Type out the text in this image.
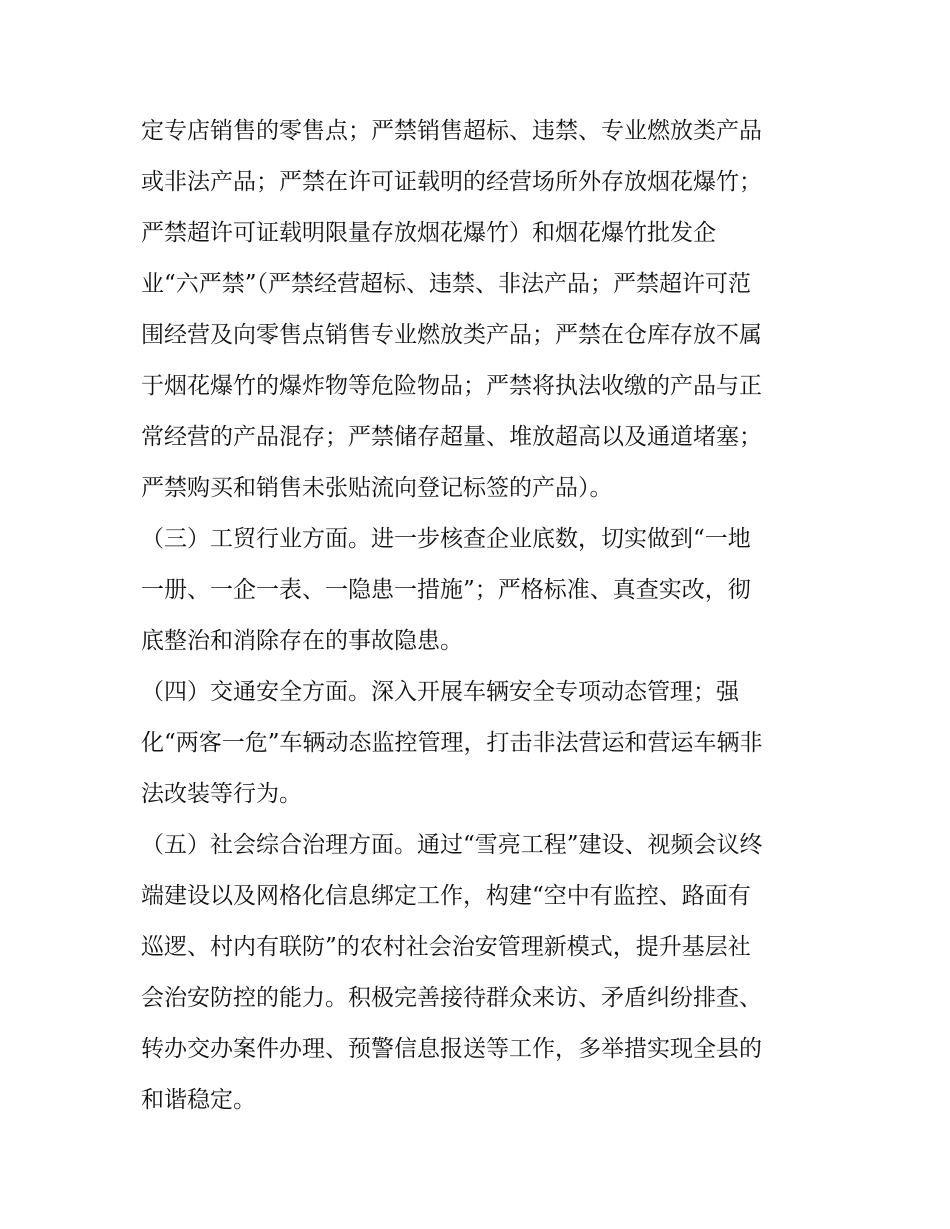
定专店销售的零售点；严禁销售超标、违禁、专业燃放类产品
或非法产品；严禁在许可证载明的经营场所外存放烟花爆竹；
严禁超许可证载明限量存放烟花爆竹）和烟花爆竹批发企
业“六严禁”（严禁经营超标、违禁、非法产品；严禁超许可范
围经营及向零售点销售专业燃放类产品；严禁在仓库存放不属
于烟花爆竹的爆炸物等危险物品；严禁将执法收缴的产品与正
常经营的产品混存；严禁储存超量、堆放超高以及通道堵塞；
严禁购买和销售未张贴流向登记标签的产品）。
（三）工贸行业方面。进一步核查企业底数，切实做到“一地
一册、一企一表、一隐患一措施”；严格标准、真查实改，彻
底整治和消除存在的事故隐患。
（四）交通安全方面。深入开展车辆安全专项动态管理；强
化“两客一危”车辆动态监控管理，打击非法营运和营运车辆非
法改装等行为。
（五）社会综合治理方面。通过“雪亮工程”建设、视频会议终
端建设以及网格化信息绑定工作，构建“空中有监控、路面有
巡逻、村内有联防”的农村社会治安管理新模式，提升基层社
会治安防控的能力。积极完善接待群众来访、矛盾纠纷排查、
转办交办案件办理、预警信息报送等工作，多举措实现全县的
和谐稳定。
